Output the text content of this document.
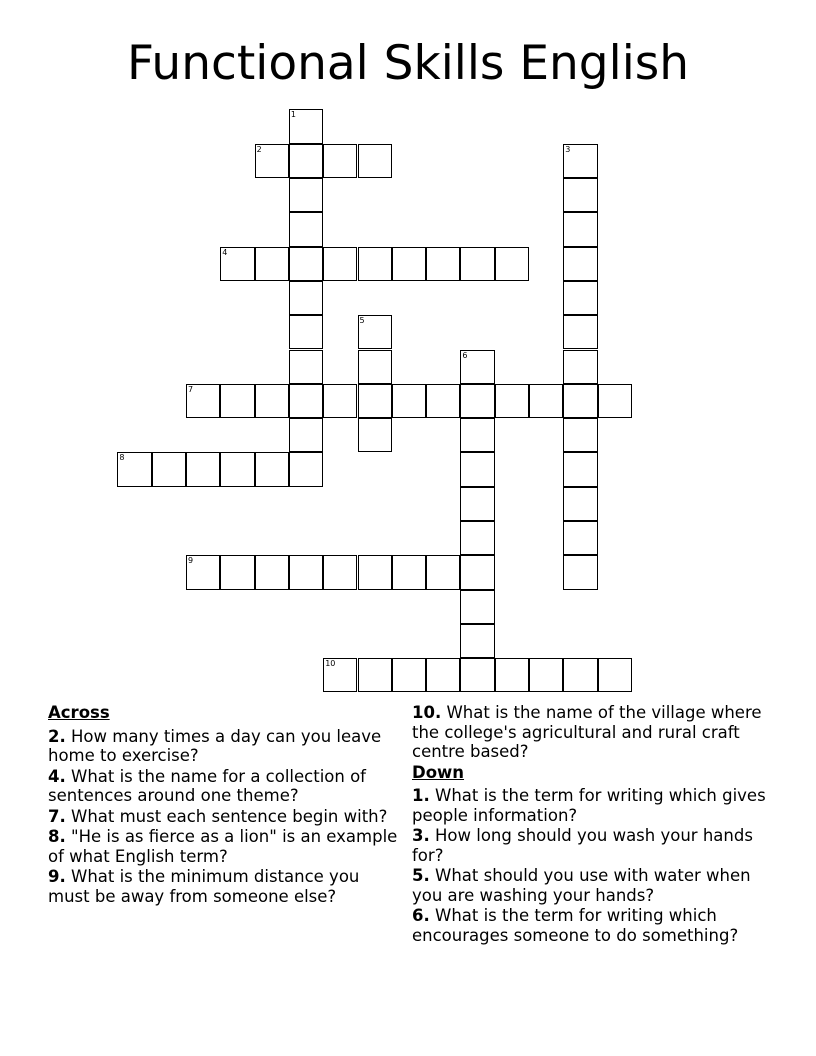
Functional Skills English
1
2	3
4
5
6
7
8
9
10
Across
2. How many times a day can you leave home to exercise?
4. What is the name for a collection of sentences around one theme?
7. What must each sentence begin with?
8. "He is as fierce as a lion" is an example of what English term?
9. What is the minimum distance you must be away from someone else?
10. What is the name of the village where the college's agricultural and rural craft centre based?
Down
1. What is the term for writing which gives people information?
3. How long should you wash your hands for?
5. What should you use with water when you are washing your hands?
6. What is the term for writing which encourages someone to do something?
